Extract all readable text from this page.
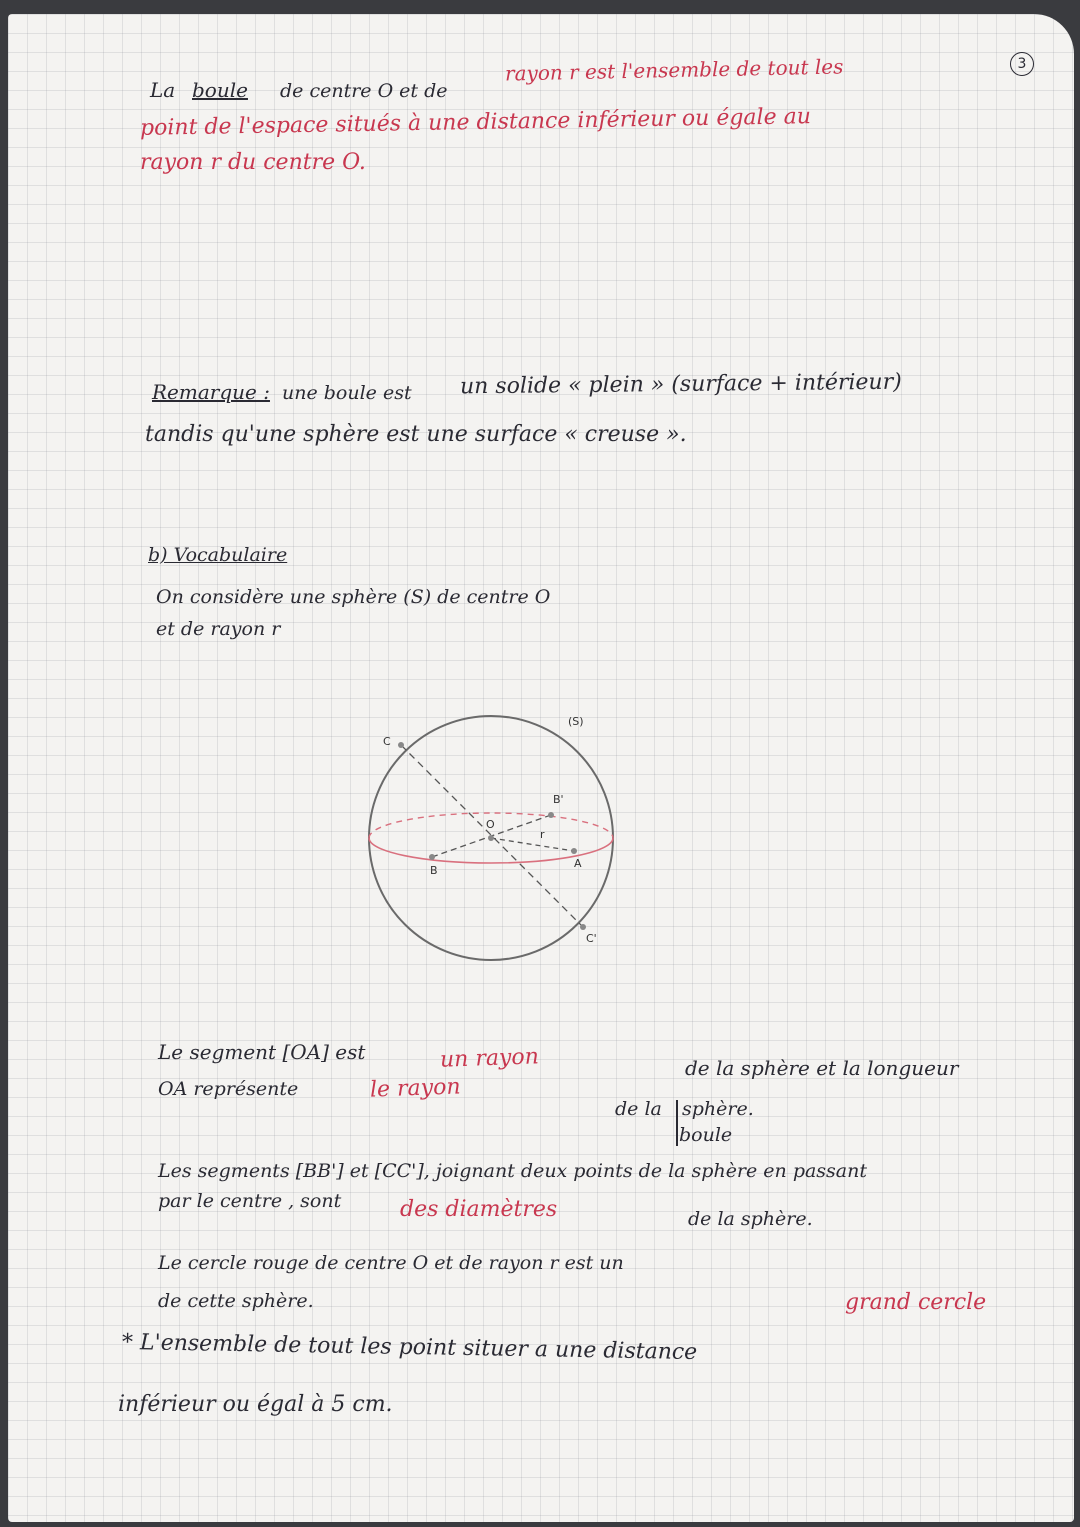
3
La boule de centre O et de
rayon r est l'ensemble de tout les
point de l'espace situés à une distance inférieur ou égale au
rayon r du centre O.
Remarque : une boule est un solide « plein » (surface + intérieur)
tandis qu'une sphère est une surface « creuse ».
b) Vocabulaire
On considère une sphère (S) de centre O
et de rayon r
(S)
C
O
B'
r
B
A
C'
Le segment [OA] est	un rayon	de la sphère et la longueur
OA représente	le rayon
de la sphère.
boule
Les segments [BB'] et [CC'], joignant deux points de la sphère en passant
par le centre , sont	des diamètres	de la sphère.
Le cercle rouge de centre O et de rayon r est un
grand cercle
de cette sphère.
* L'ensemble de tout les point situer a une distance
inférieur ou égal à 5 cm.
